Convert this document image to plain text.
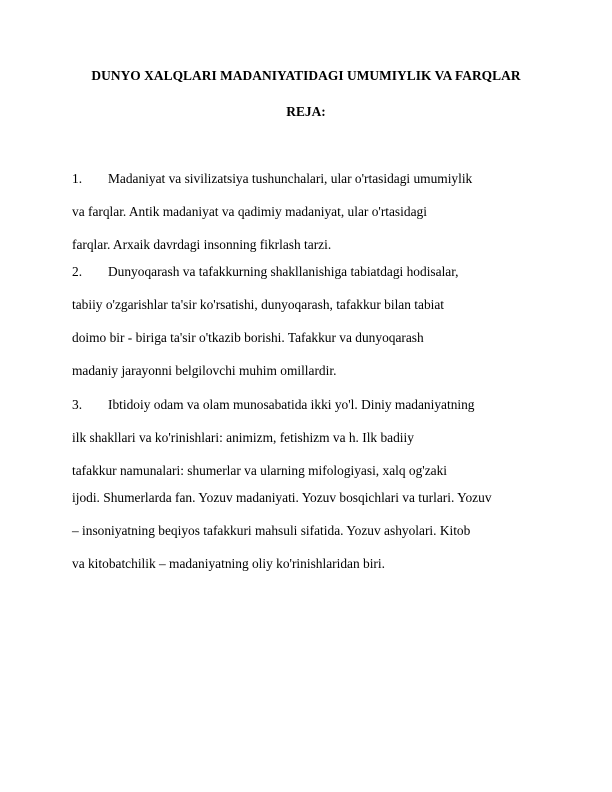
DUNYO XALQLARI MADANIYATIDAGI UMUMIYLIK VA FARQLAR
REJA:
1. Madaniyat va sivilizatsiya tushunchalari, ular o'rtasidagi umumiylik
va farqlar. Antik madaniyat va qadimiy madaniyat, ular o'rtasidagi
farqlar. Arxaik davrdagi insonning fikrlash tarzi.
2. Dunyoqarash va tafakkurning shakllanishiga tabiatdagi hodisalar,
tabiiy o'zgarishlar ta'sir ko'rsatishi, dunyoqarash, tafakkur bilan tabiat
doimo bir - biriga ta'sir o'tkazib borishi. Tafakkur va dunyoqarash
madaniy jarayonni belgilovchi muhim omillardir.
3. Ibtidoiy odam va olam munosabatida ikki yo'l. Diniy madaniyatning
ilk shakllari va ko'rinishlari: animizm, fetishizm va h. Ilk badiiy
tafakkur namunalari: shumerlar va ularning mifologiyasi, xalq og'zaki
ijodi. Shumerlarda fan. Yozuv madaniyati. Yozuv bosqichlari va turlari. Yozuv
– insoniyatning beqiyos tafakkuri mahsuli sifatida. Yozuv ashyolari. Kitob
va kitobatchilik – madaniyatning oliy ko'rinishlaridan biri.
